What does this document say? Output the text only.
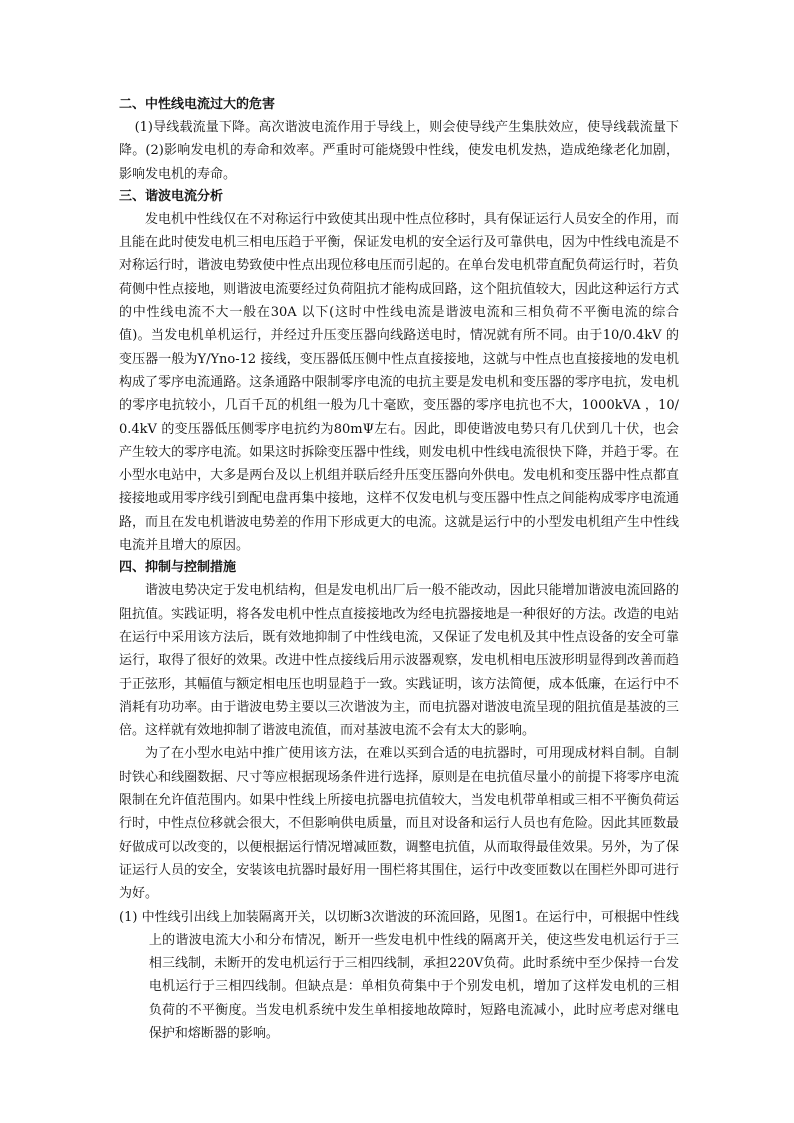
二、中性线电流过大的危害

(1)导线载流量下降。高次谐波电流作用于导线上，则会使导线产生集肤效应，使导线载流量下降。(2)影响发电机的寿命和效率。严重时可能烧毁中性线，使发电机发热，造成绝缘老化加剧，影响发电机的寿命。

三、谐波电流分析

发电机中性线仅在不对称运行中致使其出现中性点位移时，具有保证运行人员安全的作用，而且能在此时使发电机三相电压趋于平衡，保证发电机的安全运行及可靠供电，因为中性线电流是不对称运行时，谐波电势致使中性点出现位移电压而引起的。在单台发电机带直配负荷运行时，若负荷侧中性点接地，则谐波电流要经过负荷阻抗才能构成回路，这个阻抗值较大，因此这种运行方式的中性线电流不大一般在30A 以下(这时中性线电流是谐波电流和三相负荷不平衡电流的综合值)。当发电机单机运行，并经过升压变压器向线路送电时，情况就有所不同。由于10/0.4kV 的变压器一般为Y/Yno-12 接线，变压器低压侧中性点直接接地，这就与中性点也直接接地的发电机构成了零序电流通路。这条通路中限制零序电流的电抗主要是发电机和变压器的零序电抗，发电机的零序电抗较小，几百千瓦的机组一般为几十毫欧，变压器的零序电抗也不大，1000kVA ，10/0.4kV 的变压器低压侧零序电抗约为80mΨ左右。因此，即使谐波电势只有几伏到几十伏，也会产生较大的零序电流。如果这时拆除变压器中性线，则发电机中性线电流很快下降，并趋于零。在小型水电站中，大多是两台及以上机组并联后经升压变压器向外供电。发电机和变压器中性点都直接接地或用零序线引到配电盘再集中接地，这样不仅发电机与变压器中性点之间能构成零序电流通路，而且在发电机谐波电势差的作用下形成更大的电流。这就是运行中的小型发电机组产生中性线电流并且增大的原因。

四、抑制与控制措施

谐波电势决定于发电机结构，但是发电机出厂后一般不能改动，因此只能增加谐波电流回路的阻抗值。实践证明，将各发电机中性点直接接地改为经电抗器接地是一种很好的方法。改造的电站在运行中采用该方法后，既有效地抑制了中性线电流，又保证了发电机及其中性点设备的安全可靠运行，取得了很好的效果。改进中性点接线后用示波器观察，发电机相电压波形明显得到改善而趋于正弦形，其幅值与额定相电压也明显趋于一致。实践证明，该方法简便，成本低廉，在运行中不消耗有功功率。由于谐波电势主要以三次谐波为主，而电抗器对谐波电流呈现的阻抗值是基波的三倍。这样就有效地抑制了谐波电流值，而对基波电流不会有太大的影响。

为了在小型水电站中推广使用该方法，在难以买到合适的电抗器时，可用现成材料自制。自制时铁心和线圈数据、尺寸等应根据现场条件进行选择，原则是在电抗值尽量小的前提下将零序电流限制在允许值范围内。如果中性线上所接电抗器电抗值较大，当发电机带单相或三相不平衡负荷运行时，中性点位移就会很大，不但影响供电质量，而且对设备和运行人员也有危险。因此其匝数最好做成可以改变的，以便根据运行情况增减匝数，调整电抗值，从而取得最佳效果。另外，为了保证运行人员的安全，安装该电抗器时最好用一围栏将其围住，运行中改变匝数以在围栏外即可进行为好。

(1) 中性线引出线上加装隔离开关，以切断3次谐波的环流回路，见图1。在运行中，可根据中性线上的谐波电流大小和分布情况，断开一些发电机中性线的隔离开关，使这些发电机运行于三相三线制，未断开的发电机运行于三相四线制，承担220V负荷。此时系统中至少保持一台发电机运行于三相四线制。但缺点是：单相负荷集中于个别发电机，增加了这样发电机的三相负荷的不平衡度。当发电机系统中发生单相接地故障时，短路电流减小，此时应考虑对继电保护和熔断器的影响。
